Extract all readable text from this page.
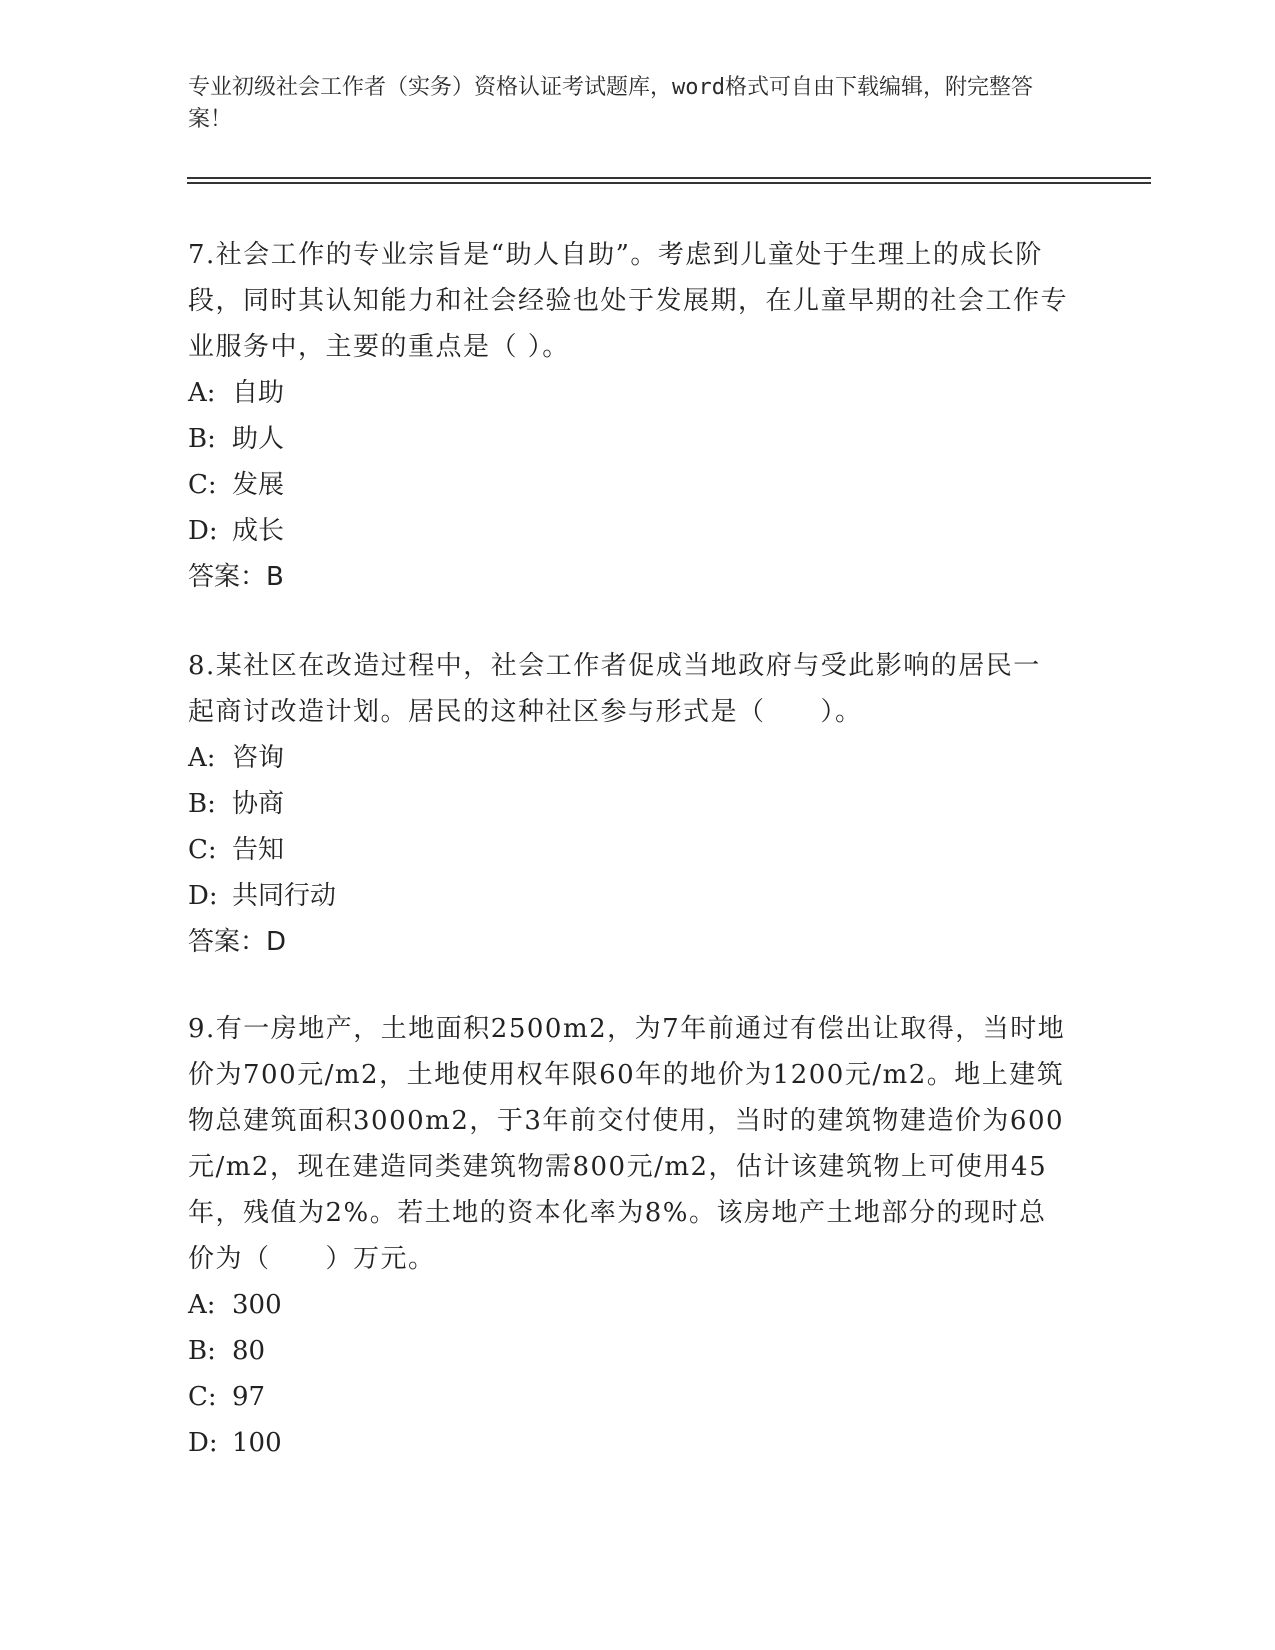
专业初级社会工作者（实务）资格认证考试题库，word格式可自由下载编辑，附完整答案！
7.社会工作的专业宗旨是“助人自助”。考虑到儿童处于生理上的成长阶段，同时其认知能力和社会经验也处于发展期，在儿童早期的社会工作专业服务中，主要的重点是（ ）。
A: 自助
B: 助人
C: 发展
D: 成长
答案：B
8.某社区在改造过程中，社会工作者促成当地政府与受此影响的居民一起商讨改造计划。居民的这种社区参与形式是（　　）。
A: 咨询
B: 协商
C: 告知
D: 共同行动
答案：D
9.有一房地产，土地面积2500m2，为7年前通过有偿出让取得，当时地价为700元/m2，土地使用权年限60年的地价为1200元/m2。地上建筑物总建筑面积3000m2，于3年前交付使用，当时的建筑物建造价为600元/m2，现在建造同类建筑物需800元/m2，估计该建筑物上可使用45年，残值为2%。若土地的资本化率为8%。该房地产土地部分的现时总价为（　　）万元。
A: 300
B: 80
C: 97
D: 100
